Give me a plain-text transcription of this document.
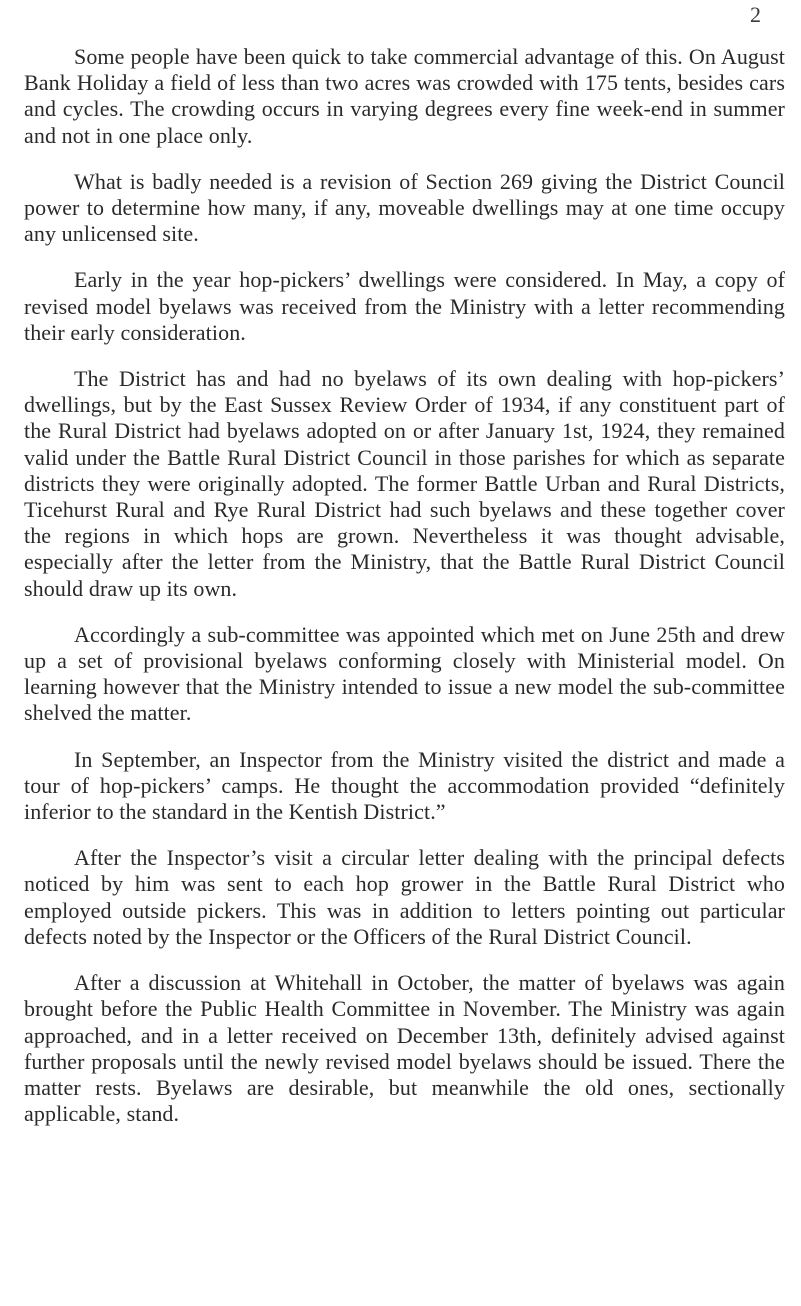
2

Some people have been quick to take commercial advantage of this. On August Bank Holiday a field of less than two acres was crowded with 175 tents, besides cars and cycles. The crowding occurs in varying degrees every fine week-end in summer and not in one place only.

What is badly needed is a revision of Section 269 giving the District Council power to determine how many, if any, moveable dwellings may at one time occupy any unlicensed site.

Early in the year hop-pickers’ dwellings were considered. In May, a copy of revised model byelaws was received from the Ministry with a letter recommending their early consideration.

The District has and had no byelaws of its own dealing with hop-pickers’ dwellings, but by the East Sussex Review Order of 1934, if any constituent part of the Rural District had byelaws adopted on or after January 1st, 1924, they remained valid under the Battle Rural District Council in those parishes for which as separate districts they were originally adopted. The former Battle Urban and Rural Districts, Ticehurst Rural and Rye Rural District had such byelaws and these together cover the regions in which hops are grown. Nevertheless it was thought advisable, especially after the letter from the Ministry, that the Battle Rural District Council should draw up its own.

Accordingly a sub-committee was appointed which met on June 25th and drew up a set of provisional byelaws conforming closely with Ministerial model. On learning however that the Ministry intended to issue a new model the sub-committee shelved the matter.

In September, an Inspector from the Ministry visited the district and made a tour of hop-pickers’ camps. He thought the accommodation provided “definitely inferior to the standard in the Kentish District.”

After the Inspector’s visit a circular letter dealing with the principal defects noticed by him was sent to each hop grower in the Battle Rural District who employed outside pickers. This was in addition to letters pointing out particular defects noted by the Inspector or the Officers of the Rural District Council.

After a discussion at Whitehall in October, the matter of byelaws was again brought before the Public Health Committee in November. The Ministry was again approached, and in a letter received on December 13th, definitely advised against further proposals until the newly revised model byelaws should be issued. There the matter rests. Byelaws are desirable, but meanwhile the old ones, sectionally applicable, stand.
